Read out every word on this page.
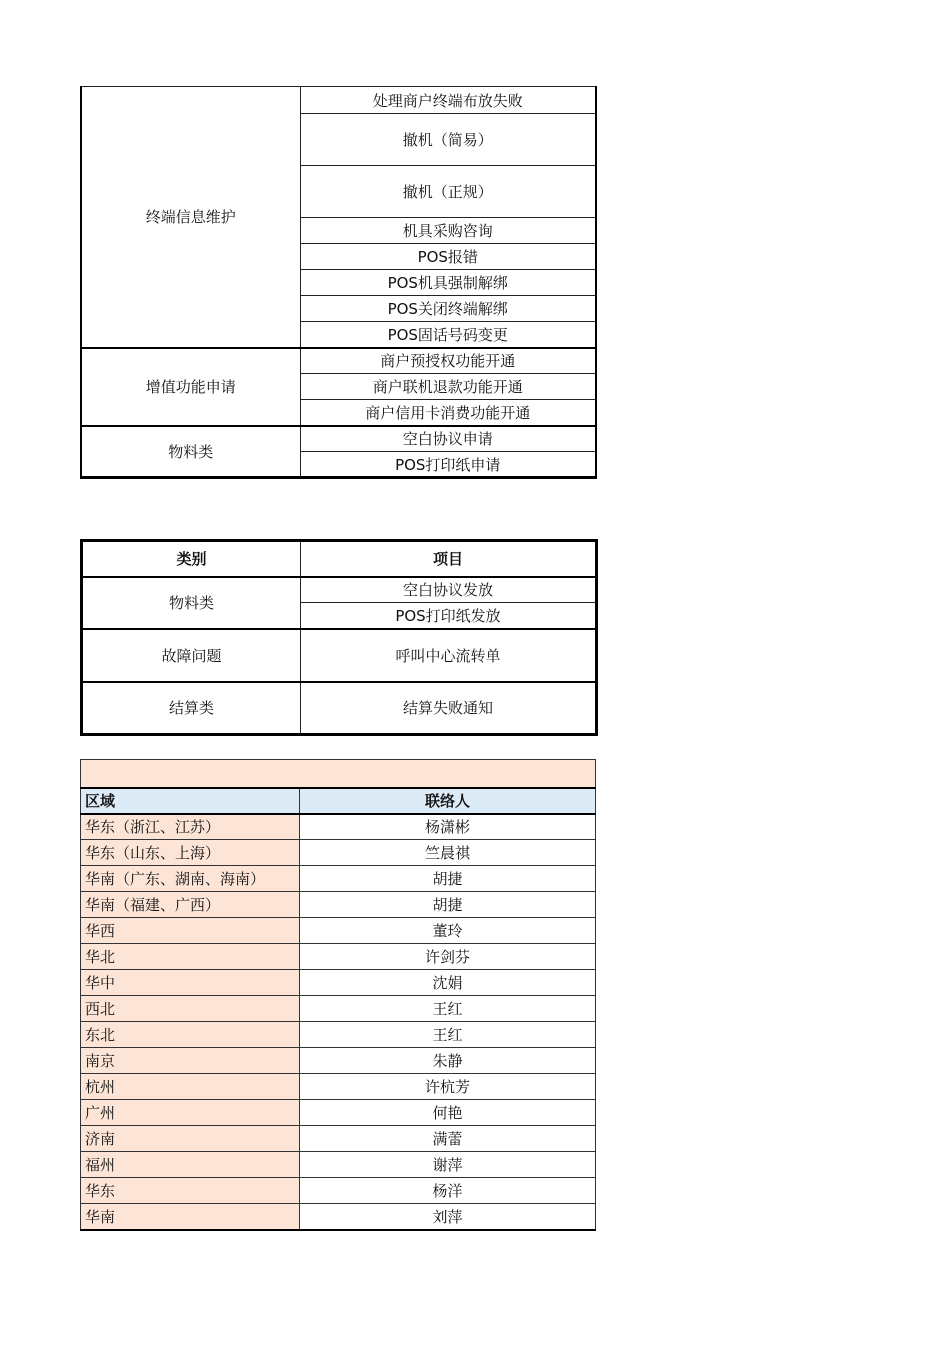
终端信息维护	处理商户终端布放失败
	撤机（简易）
	撤机（正规）
	机具采购咨询
	POS报错
	POS机具强制解绑
	POS关闭终端解绑
	POS固话号码变更
增值功能申请	商户预授权功能开通
	商户联机退款功能开通
	商户信用卡消费功能开通
物料类	空白协议申请
	POS打印纸申请
类别	项目
物料类	空白协议发放
	POS打印纸发放
故障问题	呼叫中心流转单
结算类	结算失败通知

区域	联络人
华东（浙江、江苏）	杨潇彬
华东（山东、上海）	竺晨祺
华南（广东、湖南、海南）	胡捷
华南（福建、广西）	胡捷
华西	董玲
华北	许剑芬
华中	沈娟
西北	王红
东北	王红
南京	朱静
杭州	许杭芳
广州	何艳
济南	满蕾
福州	谢萍
华东	杨洋
华南	刘萍
